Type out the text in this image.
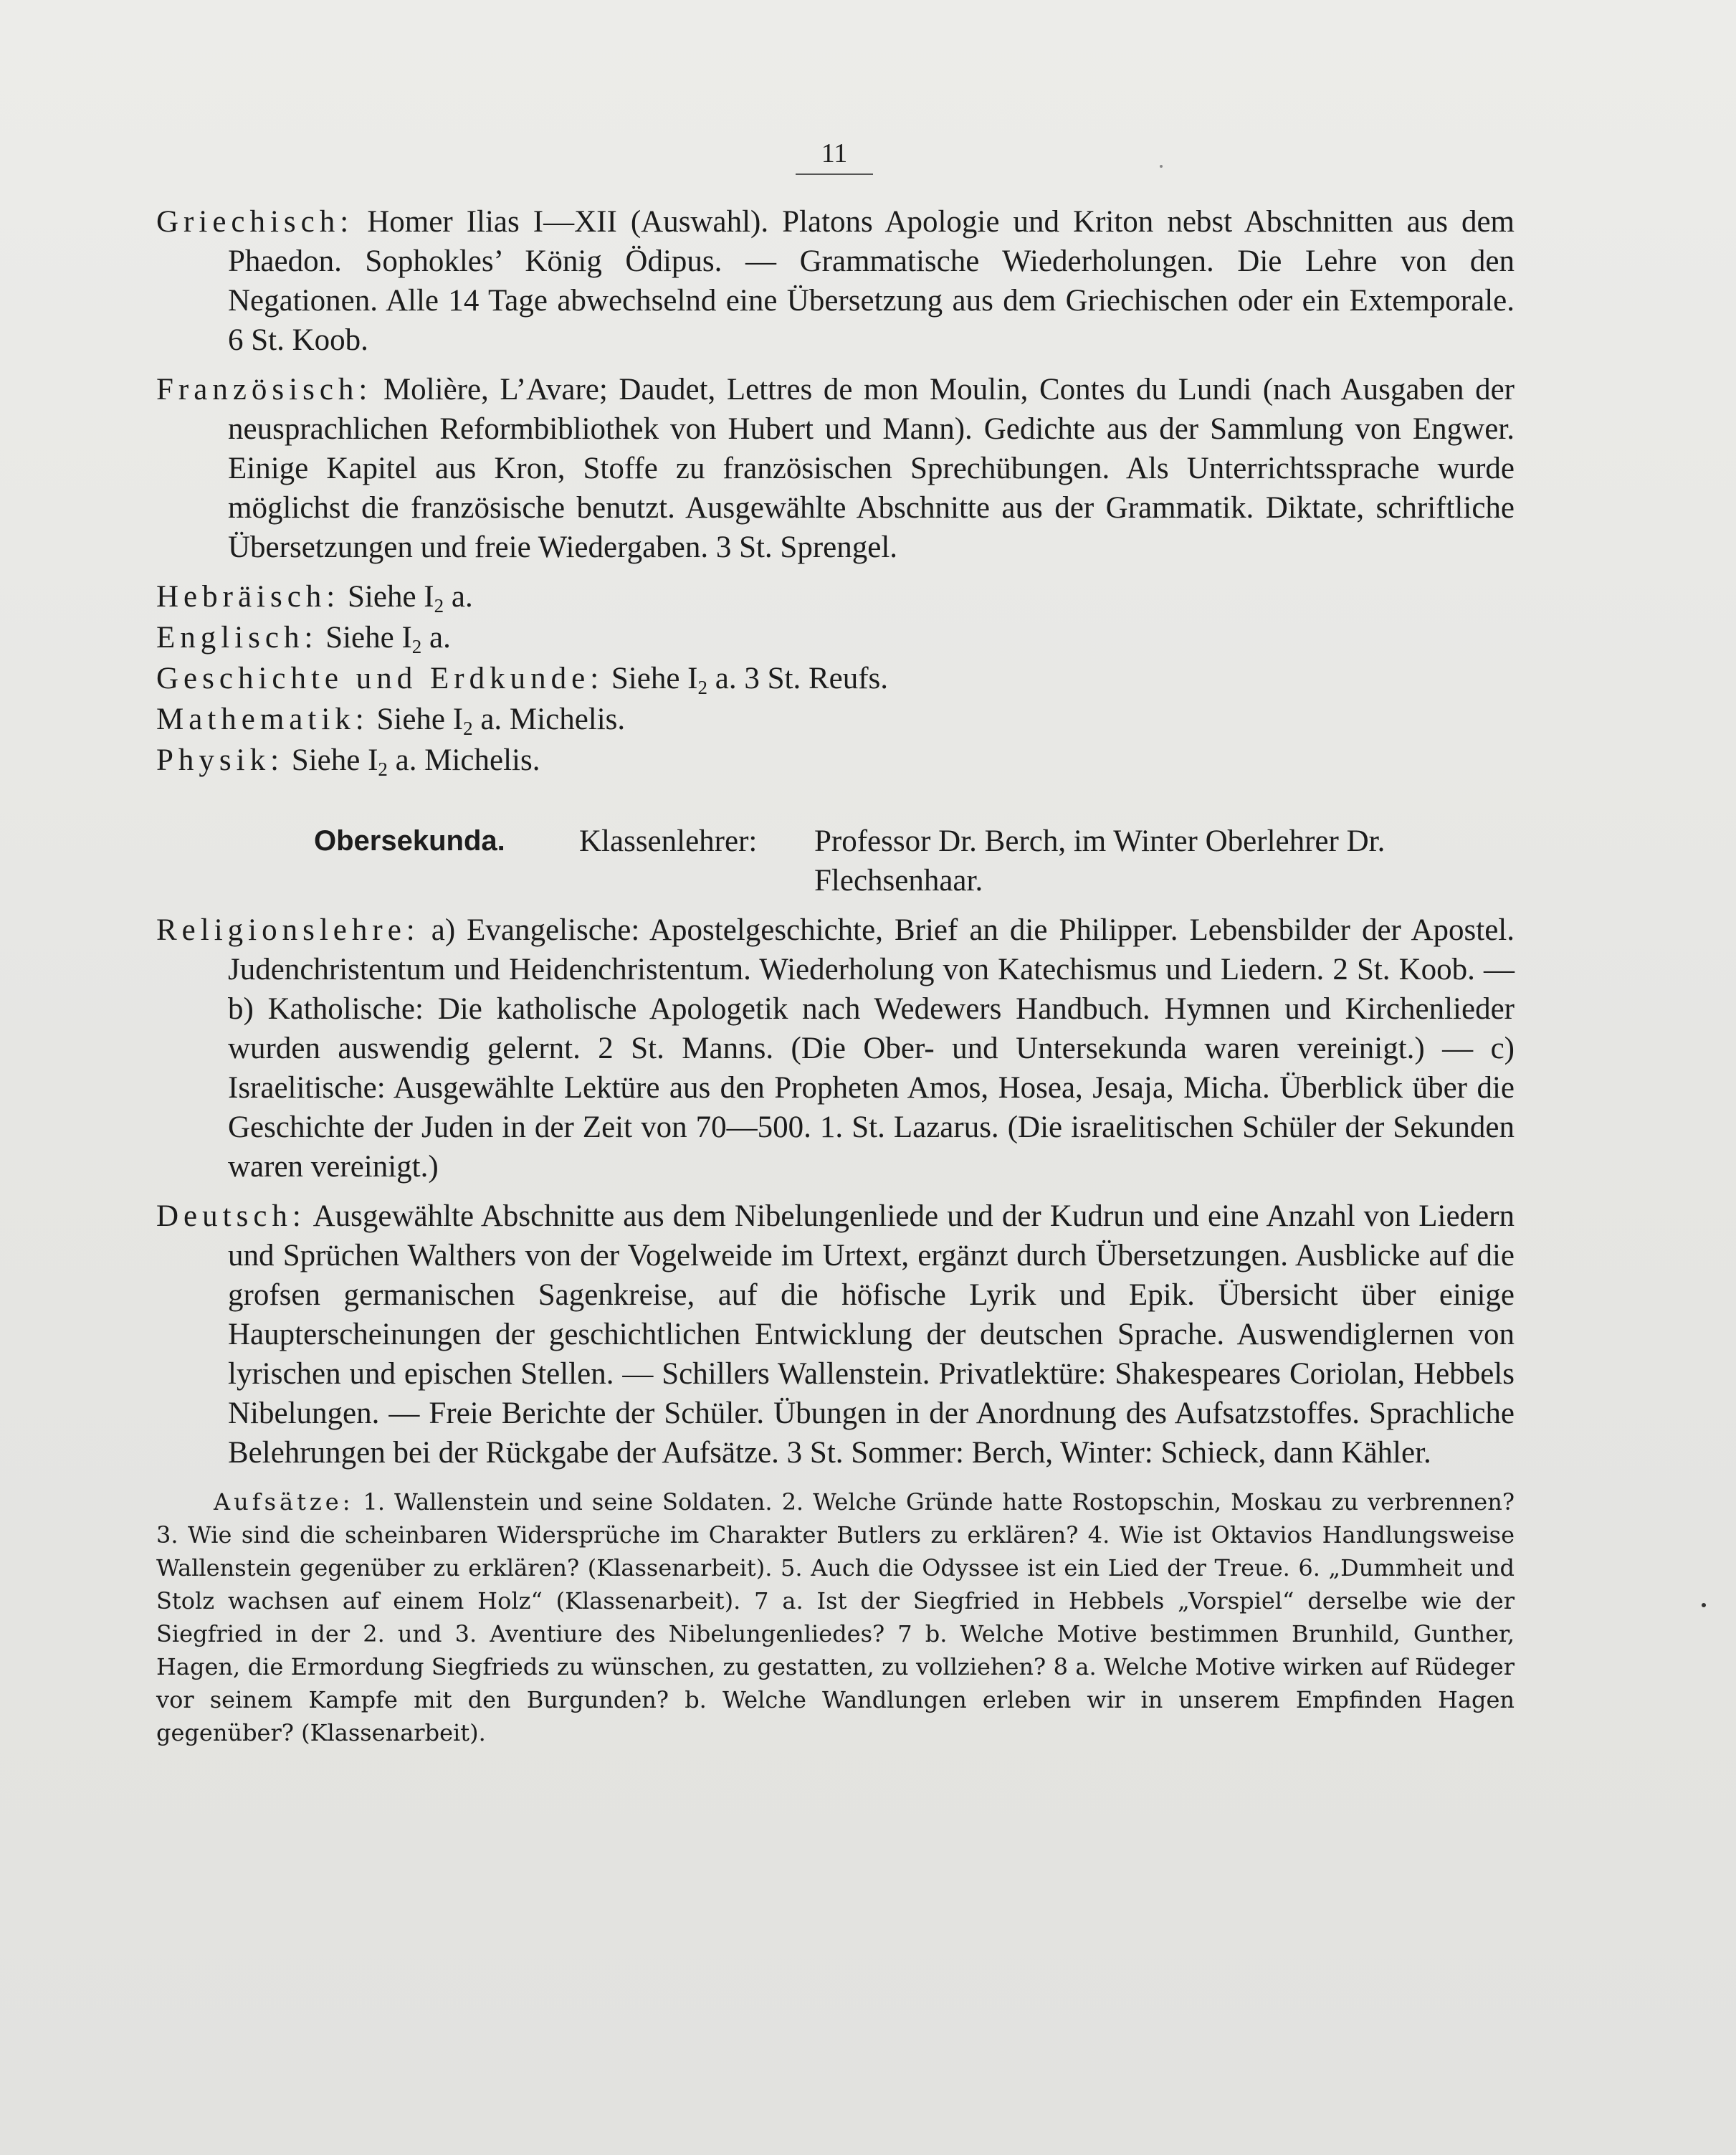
11

Griechisch: Homer Ilias I—XII (Auswahl). Platons Apologie und Kriton nebst Abschnitten aus dem Phaedon. Sophokles’ König Ödipus. — Grammatische Wiederholungen. Die Lehre von den Negationen. Alle 14 Tage abwechselnd eine Übersetzung aus dem Griechischen oder ein Extemporale. 6 St. Koob.

Französisch: Molière, L’Avare; Daudet, Lettres de mon Moulin, Contes du Lundi (nach Ausgaben der neusprachlichen Reformbibliothek von Hubert und Mann). Gedichte aus der Sammlung von Engwer. Einige Kapitel aus Kron, Stoffe zu französischen Sprechübungen. Als Unterrichtssprache wurde möglichst die französische benutzt. Ausgewählte Abschnitte aus der Grammatik. Diktate, schriftliche Übersetzungen und freie Wiedergaben. 3 St. Sprengel.

Hebräisch: Siehe $I_2$ a.

Englisch: Siehe $I_2$ a.

Geschichte und Erdkunde: Siehe $I_2$ a. 3 St. Reufs.

Mathematik: Siehe $I_2$ a. Michelis.

Physik: Siehe $I_2$ a. Michelis.

Obersekunda. Klassenlehrer: Professor Dr. Berch, im Winter Oberlehrer Dr. Flechsenhaar.

Religionslehre: a) Evangelische: Apostelgeschichte, Brief an die Philipper. Lebensbilder der Apostel. Judenchristentum und Heidenchristentum. Wiederholung von Katechismus und Liedern. 2 St. Koob. — b) Katholische: Die katholische Apologetik nach Wedewers Handbuch. Hymnen und Kirchenlieder wurden auswendig gelernt. 2 St. Manns. (Die Ober- und Untersekunda waren vereinigt.) — c) Israelitische: Ausgewählte Lektüre aus den Propheten Amos, Hosea, Jesaja, Micha. Überblick über die Geschichte der Juden in der Zeit von 70—500. 1. St. Lazarus. (Die israelitischen Schüler der Sekunden waren vereinigt.)

Deutsch: Ausgewählte Abschnitte aus dem Nibelungenliede und der Kudrun und eine Anzahl von Liedern und Sprüchen Walthers von der Vogelweide im Urtext, ergänzt durch Übersetzungen. Ausblicke auf die grofsen germanischen Sagenkreise, auf die höfische Lyrik und Epik. Übersicht über einige Haupterscheinungen der geschichtlichen Entwicklung der deutschen Sprache. Auswendiglernen von lyrischen und epischen Stellen. — Schillers Wallenstein. Privatlektüre: Shakespeares Coriolan, Hebbels Nibelungen. — Freie Berichte der Schüler. Übungen in der Anordnung des Aufsatzstoffes. Sprachliche Belehrungen bei der Rückgabe der Aufsätze. 3 St. Sommer: Berch, Winter: Schieck, dann Kähler.

Aufsätze: 1. Wallenstein und seine Soldaten. 2. Welche Gründe hatte Rostopschin, Moskau zu verbrennen? 3. Wie sind die scheinbaren Widersprüche im Charakter Butlers zu erklären? 4. Wie ist Oktavios Handlungsweise Wallenstein gegenüber zu erklären? (Klassenarbeit). 5. Auch die Odyssee ist ein Lied der Treue. 6. „Dummheit und Stolz wachsen auf einem Holz“ (Klassenarbeit). 7 a. Ist der Siegfried in Hebbels „Vorspiel“ derselbe wie der Siegfried in der 2. und 3. Aventiure des Nibelungenliedes? 7 b. Welche Motive bestimmen Brunhild, Gunther, Hagen, die Ermordung Siegfrieds zu wünschen, zu gestatten, zu vollziehen? 8 a. Welche Motive wirken auf Rüdeger vor seinem Kampfe mit den Burgunden? b. Welche Wandlungen erleben wir in unserem Empfinden Hagen gegenüber? (Klassenarbeit).
